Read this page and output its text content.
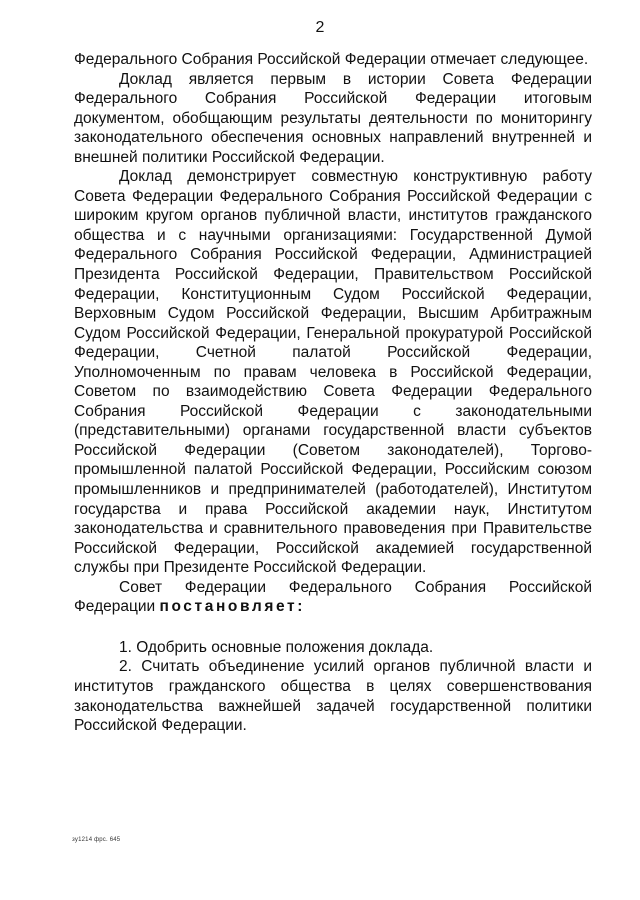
2

Федерального Собрания Российской Федерации отмечает следующее.

Доклад является первым в истории Совета Федерации Федерального Собрания Российской Федерации итоговым документом, обобщающим результаты деятельности по мониторингу законодательного обеспечения основных направлений внутренней и внешней политики Российской Федерации.

Доклад демонстрирует совместную конструктивную работу Совета Федерации Федерального Собрания Российской Федерации с широким кругом органов публичной власти, институтов гражданского общества и с научными организациями: Государственной Думой Федерального Собрания Российской Федерации, Администрацией Президента Российской Федерации, Правительством Российской Федерации, Конституционным Судом Российской Федерации, Верховным Судом Российской Федерации, Высшим Арбитражным Судом Российской Федерации, Генеральной прокуратурой Российской Федерации, Счетной палатой Российской Федерации, Уполномоченным по правам человека в Российской Федерации, Советом по взаимодействию Совета Федерации Федерального Собрания Российской Федерации с законодательными (представительными) органами государственной власти субъектов Российской Федерации (Советом законодателей), Торгово-промышленной палатой Российской Федерации, Российским союзом промышленников и предпринимателей (работодателей), Институтом государства и права Российской академии наук, Институтом законодательства и сравнительного правоведения при Правительстве Российской Федерации, Российской академией государственной службы при Президенте Российской Федерации.

Совет Федерации Федерального Собрания Российской Федерации постановляет:

1. Одобрить основные положения доклада.

2. Считать объединение усилий органов публичной власти и институтов гражданского общества в целях совершенствования законодательства важнейшей задачей государственной политики Российской Федерации.

зу1214 фрс. 645
